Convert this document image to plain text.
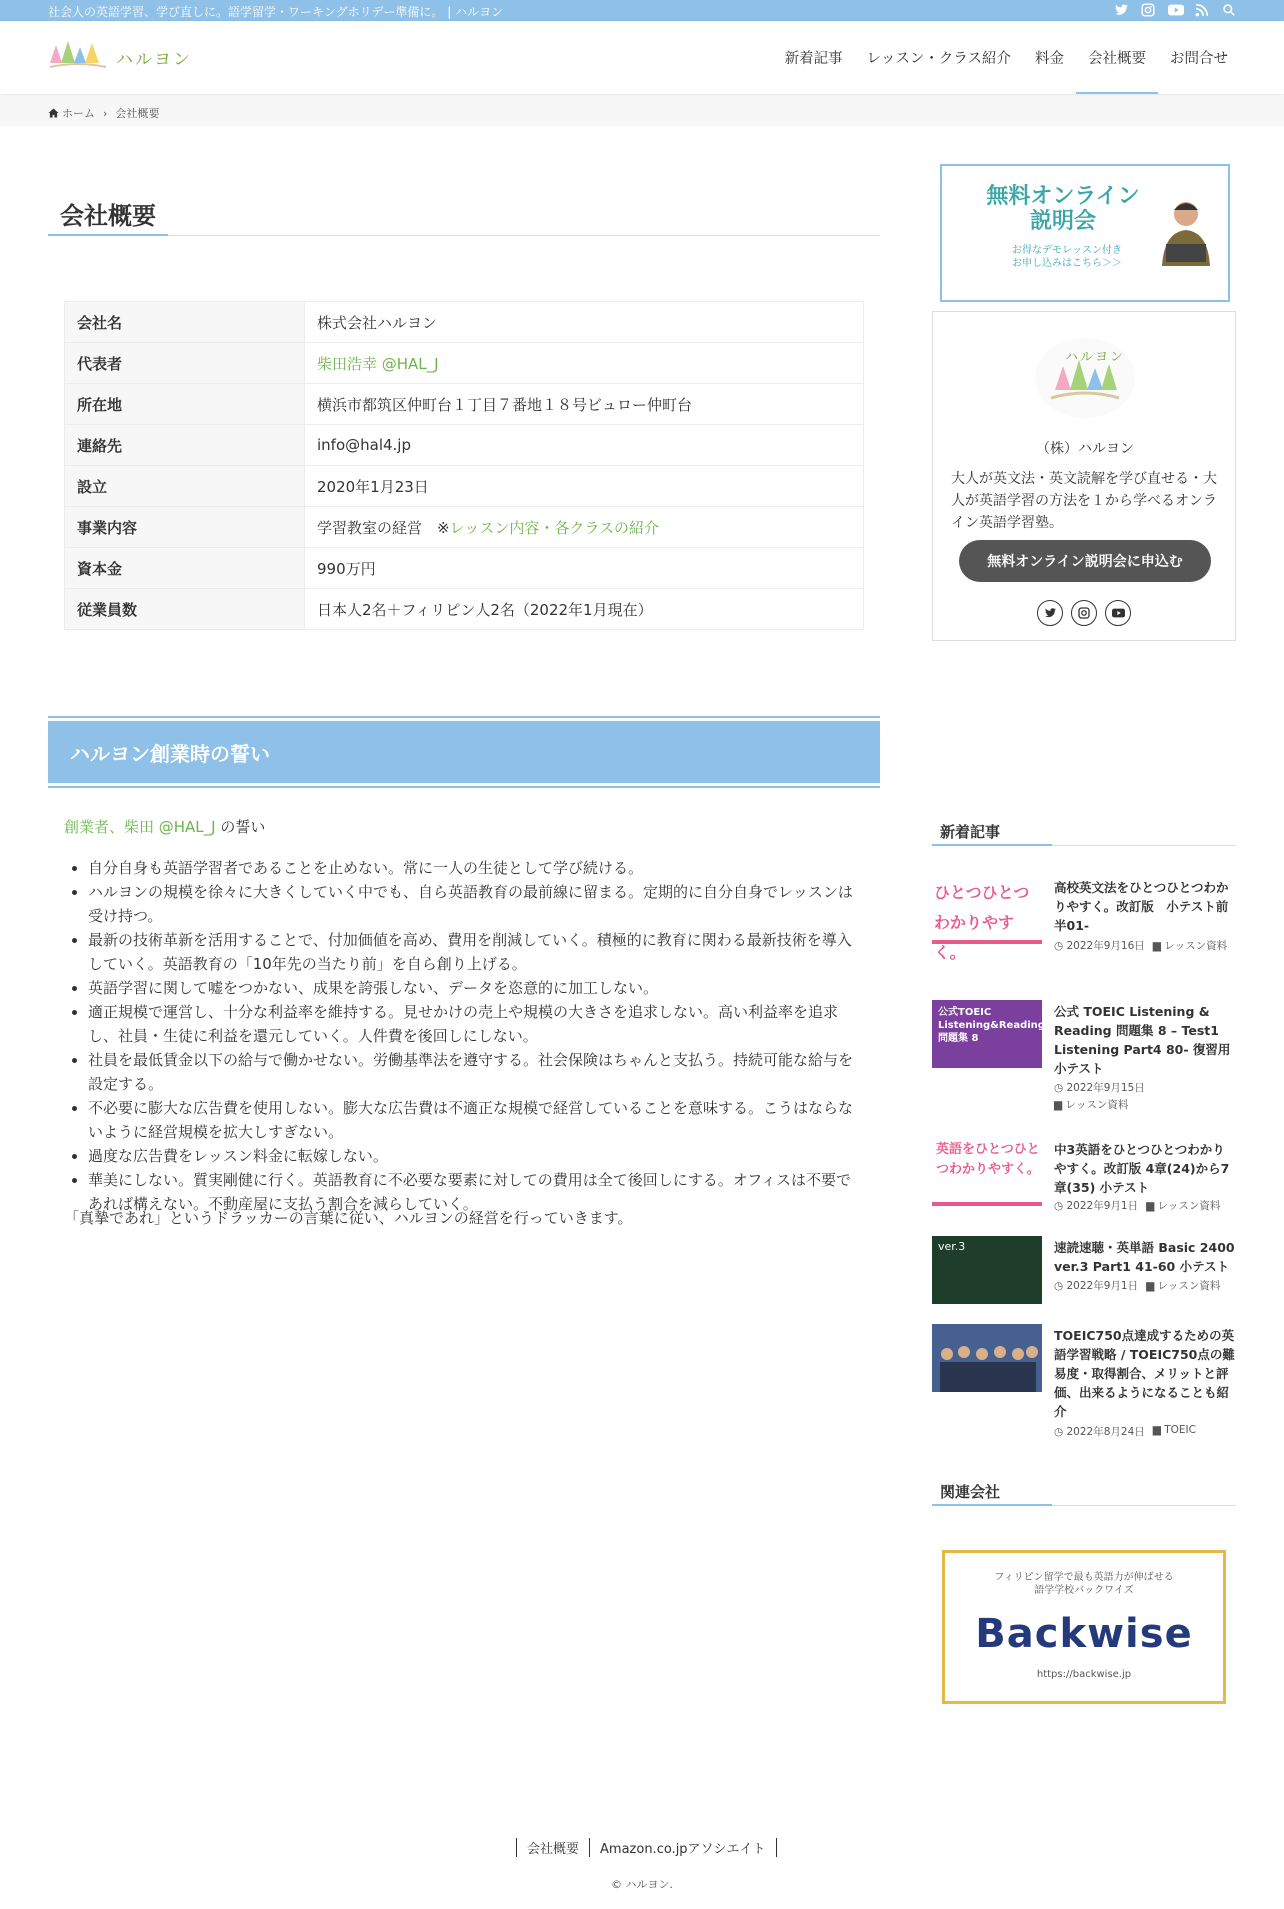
社会人の英語学習、学び直しに。語学留学・ワーキングホリデー準備に。 | ハルヨン
ハルヨン	新着記事	レッスン・クラス紹介	料金	会社概要	お問合せ
ホーム › 会社概要
会社概要
会社名	株式会社ハルヨン
代表者	柴田浩幸 @HAL_J
所在地	横浜市都筑区仲町台１丁目７番地１８号ビュロー仲町台
連絡先	info@hal4.jp
設立	2020年1月23日
事業内容	学習教室の経営　※レッスン内容・各クラスの紹介
資本金	990万円
従業員数	日本人2名＋フィリピン人2名（2022年1月現在）
ハルヨン創業時の誓い
創業者、柴田 @HAL_J の誓い
• 自分自身も英語学習者であることを止めない。常に一人の生徒として学び続ける。
• ハルヨンの規模を徐々に大きくしていく中でも、自ら英語教育の最前線に留まる。定期的に自分自身でレッスンは受け持つ。
• 最新の技術革新を活用することで、付加価値を高め、費用を削減していく。積極的に教育に関わる最新技術を導入していく。英語教育の「10年先の当たり前」を自ら創り上げる。
• 英語学習に関して嘘をつかない、成果を誇張しない、データを恣意的に加工しない。
• 適正規模で運営し、十分な利益率を維持する。見せかけの売上や規模の大きさを追求しない。高い利益率を追求し、社員・生徒に利益を還元していく。人件費を後回しにしない。
• 社員を最低賃金以下の給与で働かせない。労働基準法を遵守する。社会保険はちゃんと支払う。持続可能な給与を設定する。
• 不必要に膨大な広告費を使用しない。膨大な広告費は不適正な規模で経営していることを意味する。こうはならないように経営規模を拡大しすぎない。
• 過度な広告費をレッスン料金に転嫁しない。
• 華美にしない。質実剛健に行く。英語教育に不必要な要素に対しての費用は全て後回しにする。オフィスは不要であれば構えない。不動産屋に支払う割合を減らしていく。
「真摯であれ」というドラッカーの言葉に従い、ハルヨンの経営を行っていきます。
無料オンライン説明会
お得なデモレッスン付き
お申し込みはこちら＞＞
ハルヨン
（株）ハルヨン
大人が英文法・英文読解を学び直せる・大人が英語学習の方法を１から学べるオンライン英語学習塾。
無料オンライン説明会に申込む
新着記事
ひとつひとつわかりやすく。
高校英文法をひとつひとつわかりやすく。改訂版　小テスト前半01-
◷ 2022年9月16日 ▆ レッスン資料
公式TOEIC Listening&Reading 問題集 8
公式 TOEIC Listening & Reading 問題集 8 – Test1 Listening Part4 80- 復習用小テスト
◷ 2022年9月15日
▆ レッスン資料
英語をひとつひとつわかりやすく。
中3英語をひとつひとつわかりやすく。改訂版 4章(24)から7章(35) 小テスト
◷ 2022年9月1日 ▆ レッスン資料
ver.3	速読速聴・英単語 Basic 2400 ver.3 Part1 41-60 小テスト
◷ 2022年9月1日 ▆ レッスン資料
TOEIC750点達成するための英語学習戦略 / TOEIC750点の難易度・取得割合、メリットと評価、出来るようになることも紹介
◷ 2022年8月24日 ▆ TOEIC
関連会社
フィリピン留学で最も英語力が伸ばせる
語学学校バックワイズ
Backwise
https://backwise.jp
会社概要	Amazon.co.jpアソシエイト
© ハルヨン.
